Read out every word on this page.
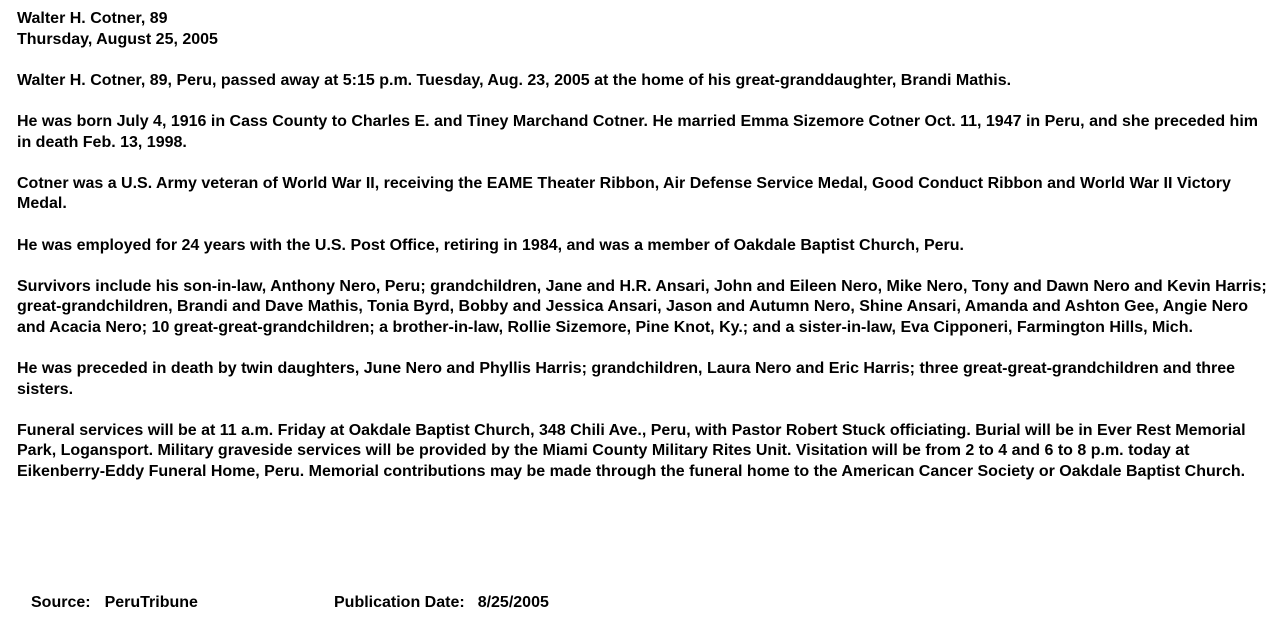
Walter H. Cotner, 89
Thursday, August 25, 2005

Walter H. Cotner, 89, Peru, passed away at 5:15 p.m. Tuesday, Aug. 23, 2005 at the home of his great-granddaughter, Brandi Mathis.

He was born July 4, 1916 in Cass County to Charles E. and Tiney Marchand Cotner. He married Emma Sizemore Cotner Oct. 11, 1947 in Peru, and she preceded him in death Feb. 13, 1998.

Cotner was a U.S. Army veteran of World War II, receiving the EAME Theater Ribbon, Air Defense Service Medal, Good Conduct Ribbon and World War II Victory Medal.

He was employed for 24 years with the U.S. Post Office, retiring in 1984, and was a member of Oakdale Baptist Church, Peru.

Survivors include his son-in-law, Anthony Nero, Peru; grandchildren, Jane and H.R. Ansari, John and Eileen Nero, Mike Nero, Tony and Dawn Nero and Kevin Harris; great-grandchildren, Brandi and Dave Mathis, Tonia Byrd, Bobby and Jessica Ansari, Jason and Autumn Nero, Shine Ansari, Amanda and Ashton Gee, Angie Nero and Acacia Nero; 10 great-great-grandchildren; a brother-in-law, Rollie Sizemore, Pine Knot, Ky.; and a sister-in-law, Eva Cipponeri, Farmington Hills, Mich.

He was preceded in death by twin daughters, June Nero and Phyllis Harris; grandchildren, Laura Nero and Eric Harris; three great-great-grandchildren and three sisters.

Funeral services will be at 11 a.m. Friday at Oakdale Baptist Church, 348 Chili Ave., Peru, with Pastor Robert Stuck officiating. Burial will be in Ever Rest Memorial Park, Logansport. Military graveside services will be provided by the Miami County Military Rites Unit. Visitation will be from 2 to 4 and 6 to 8 p.m. today at Eikenberry-Eddy Funeral Home, Peru. Memorial contributions may be made through the funeral home to the American Cancer Society or Oakdale Baptist Church.

Source: PeruTribune	Publication Date: 8/25/2005
